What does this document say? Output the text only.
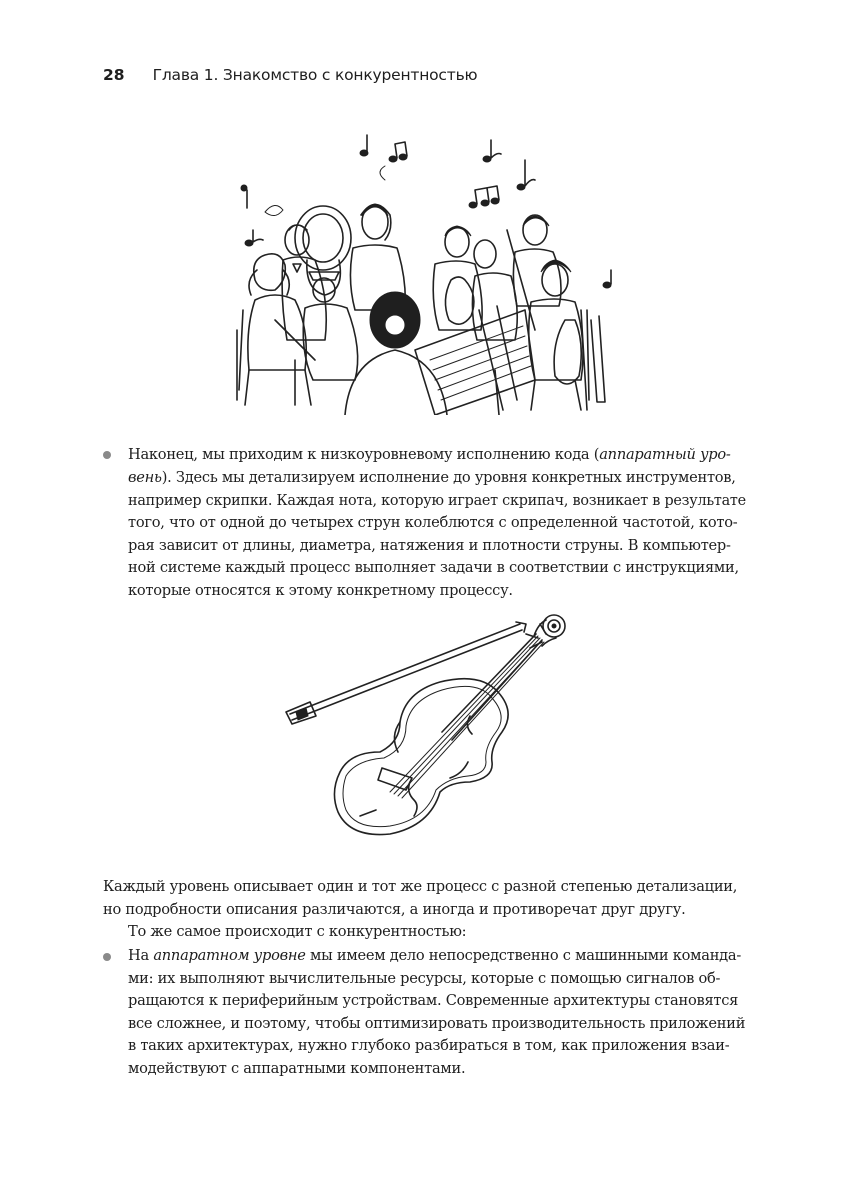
28 Глава 1. Знакомство с конкурентностью
Наконец, мы приходим к низкоуровневому исполнению кода (аппаратный уро-
вень). Здесь мы детализируем исполнение до уровня конкретных инструментов,
например скрипки. Каждая нота, которую играет скрипач, возникает в результате
того, что от одной до четырех струн колеблются с определенной частотой, кото-
рая зависит от длины, диаметра, натяжения и плотности струны. В компьютер-
ной системе каждый процесс выполняет задачи в соответствии с инструкциями,
которые относятся к этому конкретному процессу.
Каждый уровень описывает один и тот же процесс с разной степенью детализации,
но подробности описания различаются, а иногда и противоречат друг другу.
То же самое происходит с конкурентностью:
На аппаратном уровне мы имеем дело непосредственно с машинными команда-
ми: их выполняют вычислительные ресурсы, которые с помощью сигналов об-
ращаются к периферийным устройствам. Современные архитектуры становятся
все сложнее, и поэтому, чтобы оптимизировать производительность приложений
в таких архитектурах, нужно глубоко разбираться в том, как приложения взаи-
модействуют с аппаратными компонентами.
